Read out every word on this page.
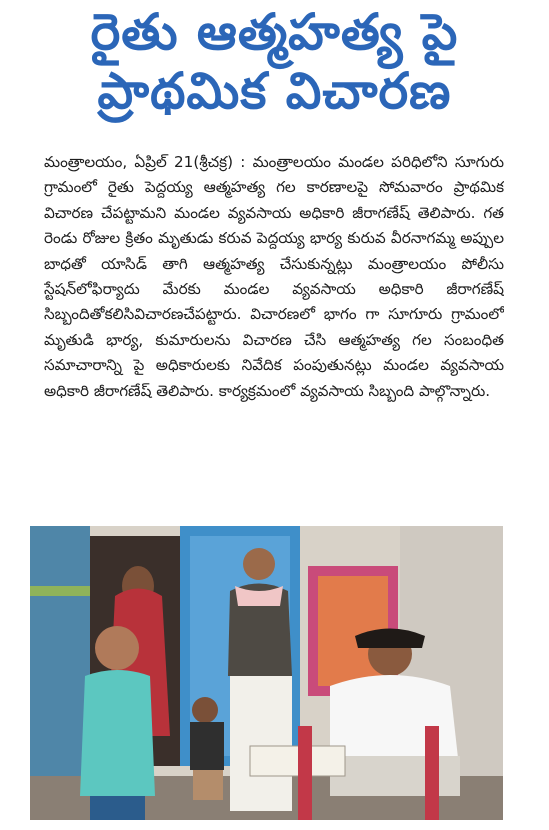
రైతు ఆత్మహత్య పై
ప్రాథమిక విచారణ
మంత్రాలయం, ఏప్రిల్ 21(శ్రీచక్ర) : మంత్రాలయం మండల పరిధిలోని సూగురు గ్రామంలో రైతు పెద్దయ్య ఆత్మహత్య గల కారణాలపై సోమవారం ప్రాథమిక విచారణ చేపట్టామని మండల వ్యవసాయ అధికారి జీరాగణేష్ తెలిపారు. గత రెండు రోజుల క్రితం మృతుడు కరువ పెద్దయ్య భార్య కురువ వీరనాగమ్మ అప్పుల బాధతో యాసిడ్ తాగి ఆత్మహత్య చేసుకున్నట్లు మంత్రాలయం పోలీసు స్టేషన్‌లోఫిర్యాదు మేరకు మండల వ్యవసాయ అధికారి జీరాగణేష్ సిబ్బందితోకలిసివిచారణచేపట్టారు. విచారణలో భాగం గా సూగూరు గ్రామంలో మృతుడి భార్య, కుమారులను విచారణ చేసి ఆత్మహత్య గల సంబంధిత సమాచారాన్ని పై అధికారులకు నివేదిక పంపుతునట్లు మండల వ్యవసాయ అధికారి జీరాగణేష్ తెలిపారు. కార్యక్రమంలో వ్యవసాయ సిబ్బంది పాల్గొన్నారు.
